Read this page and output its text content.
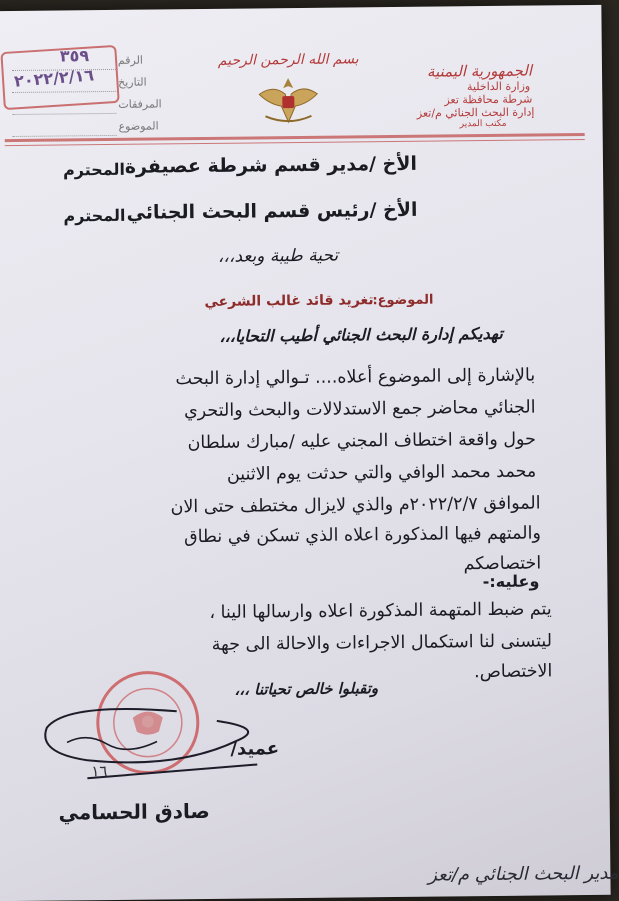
الجمهورية اليمنية
وزارة الداخلية
شرطة محافظة تعز
إدارة البحث الجنائي م/تعز
مكتب المدير
بسم الله الرحمن الرحيم
الرقم
التاريخ
المرفقات
الموضوع
٣٥٩
٢٠٢٢/٢/١٦
الأخ /مدير قسم شرطة عصيفرة
المحترم
الأخ /رئيس قسم البحث الجنائي
المحترم
تحية طيبة وبعد،،،
الموضوع:
تغريد قائد غالب الشرعي
تهديكم إدارة البحث الجنائي أطيب التحايا،،،
بالإشارة إلى الموضوع أعلاه.... تـوالي إدارة البحث
الجنائي محاضر جمع الاستدلالات والبحث والتحري
حول واقعة اختطاف المجني عليه /مبارك سلطان
محمد محمد الوافي والتي حدثت يوم الاثنين
الموافق ٢٠٢٢/٢/٧م والذي لايزال مختطف حتى الان
والمتهم فيها المذكورة اعلاه الذي تسكن في نطاق
اختصاصكم
وعليه:-
يتم ضبط المتهمة المذكورة اعلاه وارسالها الينا ،
ليتسنى لنا استكمال الاجراءات والاحالة الى جهة
الاختصاص.
وتقبلوا خالص تحياتنا ،،،
عميد/
١٦
صادق الحسامي
مدير البحث الجنائي م/تعز
